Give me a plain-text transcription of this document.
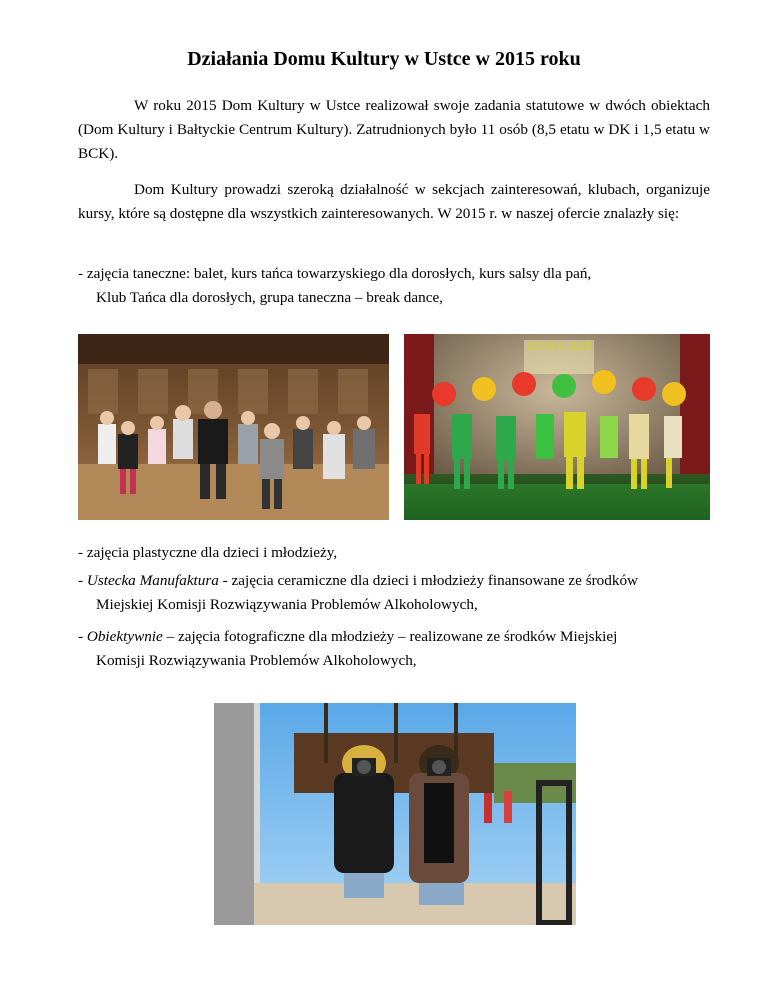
Działania Domu Kultury w Ustce w 2015 roku

W roku 2015 Dom Kultury w Ustce realizował swoje zadania statutowe w dwóch obiektach (Dom Kultury i Bałtyckie Centrum Kultury). Zatrudnionych było 11 osób (8,5 etatu w DK i 1,5 etatu w BCK).

Dom Kultury prowadzi szeroką działalność w sekcjach zainteresowań, klubach, organizuje kursy, które są dostępne dla wszystkich zainteresowanych. W 2015 r. w naszej ofercie znalazły się:

- zajęcia taneczne: balet, kurs tańca towarzyskiego dla dorosłych, kurs salsy dla pań,
Klub Tańca dla dorosłych, grupa taneczna – break dance,
USTKA 2015

- zajęcia plastyczne dla dzieci i młodzieży,

- Ustecka Manufaktura - zajęcia ceramiczne dla dzieci i młodzieży finansowane ze środków
Miejskiej Komisji Rozwiązywania Problemów Alkoholowych,
- Obiektywnie – zajęcia fotograficzne dla młodzieży – realizowane ze środków Miejskiej
Komisji Rozwiązywania Problemów Alkoholowych,
